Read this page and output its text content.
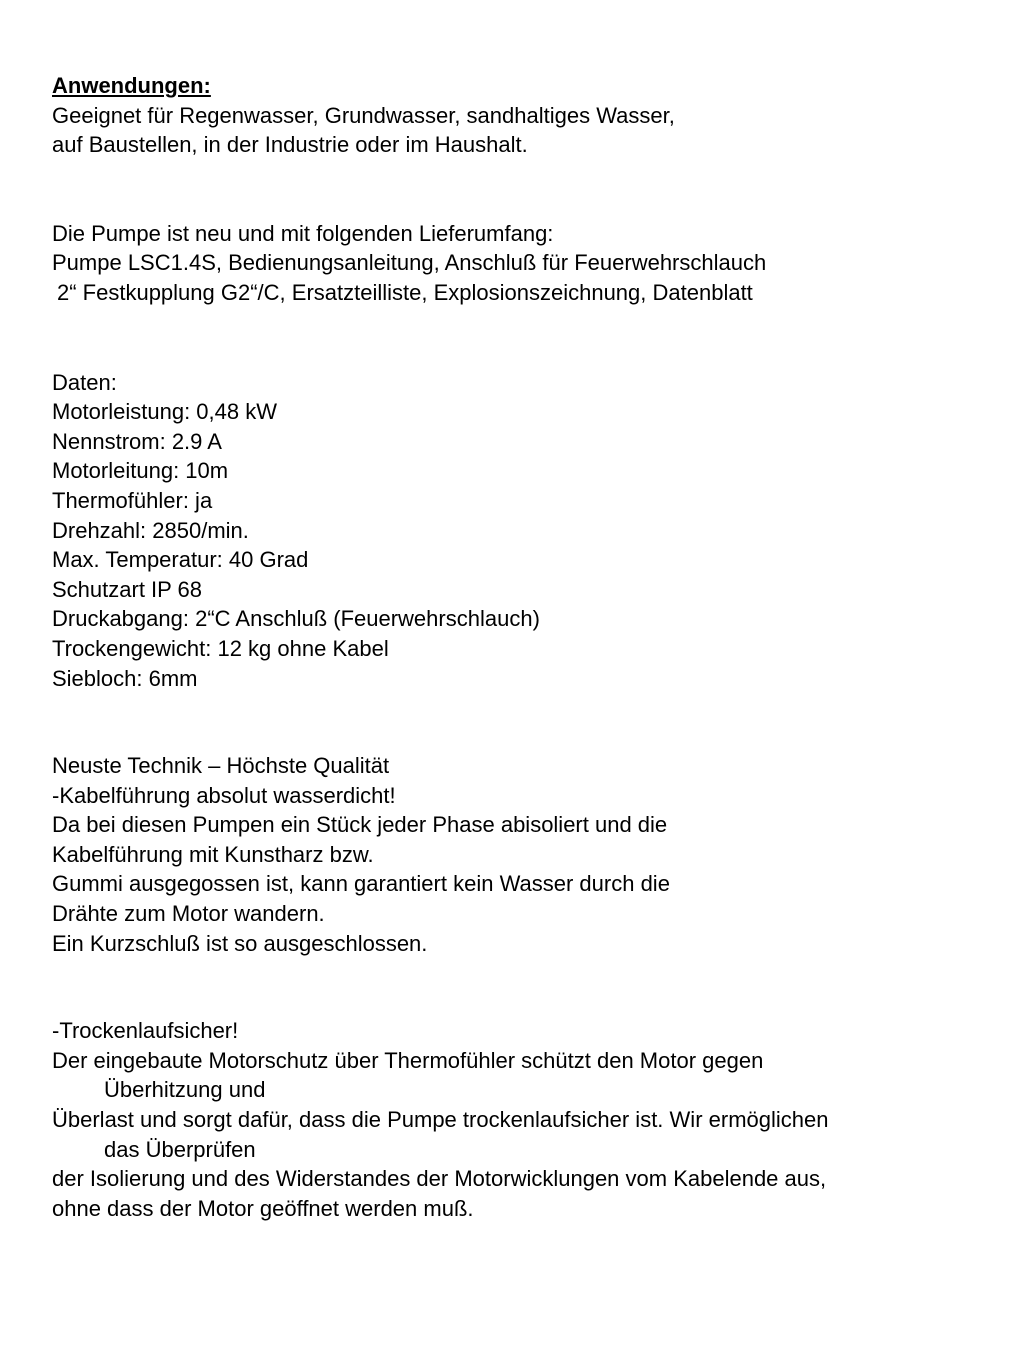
Anwendungen:
Geeignet für Regenwasser, Grundwasser, sandhaltiges Wasser,
auf Baustellen, in der Industrie oder im Haushalt.
Die Pumpe ist neu und mit folgenden Lieferumfang:
Pumpe LSC1.4S, Bedienungsanleitung, Anschluß für Feuerwehrschlauch
2“ Festkupplung G2“/C, Ersatzteilliste, Explosionszeichnung, Datenblatt
Daten:
Motorleistung: 0,48 kW
Nennstrom: 2.9 A
Motorleitung: 10m
Thermofühler: ja
Drehzahl: 2850/min.
Max. Temperatur: 40 Grad
Schutzart IP 68
Druckabgang: 2“C Anschluß (Feuerwehrschlauch)
Trockengewicht: 12 kg ohne Kabel
Siebloch: 6mm
Neuste Technik – Höchste Qualität
-Kabelführung absolut wasserdicht!
Da bei diesen Pumpen ein Stück jeder Phase abisoliert und die
Kabelführung mit Kunstharz bzw.
Gummi ausgegossen ist, kann garantiert kein Wasser durch die
Drähte zum Motor wandern.
Ein Kurzschluß ist so ausgeschlossen.
-Trockenlaufsicher!
Der eingebaute Motorschutz über Thermofühler schützt den Motor gegen
Überhitzung und
Überlast und sorgt dafür, dass die Pumpe trockenlaufsicher ist. Wir ermöglichen
das Überprüfen
der Isolierung und des Widerstandes der Motorwicklungen vom Kabelende aus,
ohne dass der Motor geöffnet werden muß.
